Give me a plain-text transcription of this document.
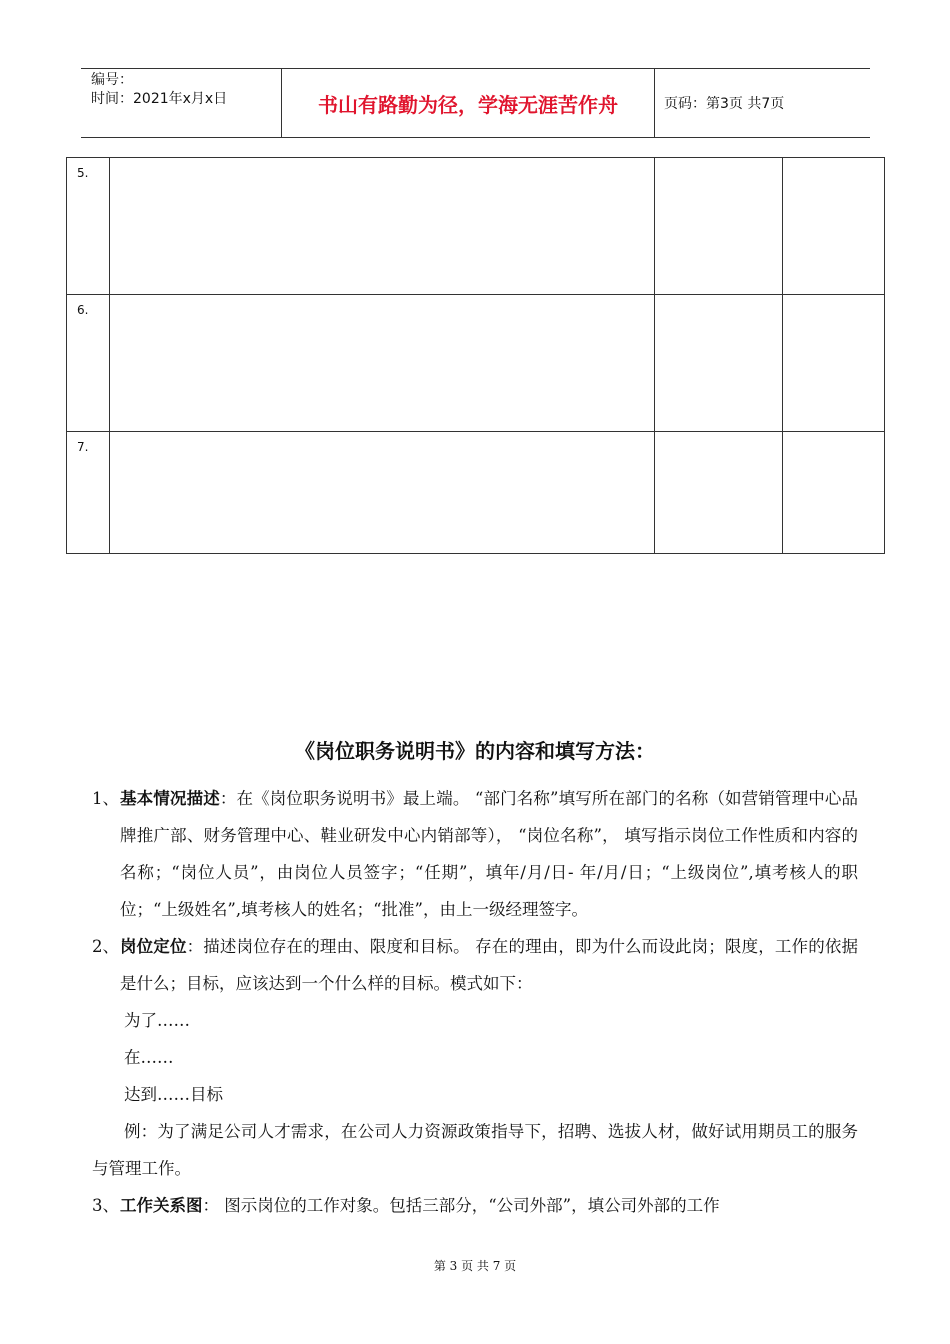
编号：
时间：2021年x月x日	书山有路勤为径，学海无涯苦作舟	页码：第3页 共7页
5.			
6.			
7.			
《岗位职务说明书》的内容和填写方法：
1、 基本情况描述：在《岗位职务说明书》最上端。 “部门名称”填写所在部门的名称（如营销管理中心品牌推广部、财务管理中心、鞋业研发中心内销部等）， “岗位名称”， 填写指示岗位工作性质和内容的名称；“岗位人员”，由岗位人员签字；“任期”，填年/月/日- 年/月/日；“上级岗位”,填考核人的职位；“上级姓名”,填考核人的姓名；“批准”，由上一级经理签字。
2、 岗位定位：描述岗位存在的理由、限度和目标。 存在的理由，即为什么而设此岗；限度，工作的依据是什么；目标，应该达到一个什么样的目标。模式如下：
为了……
在……
达到……目标
例：为了满足公司人才需求，在公司人力资源政策指导下，招聘、选拔人材，做好试用期员工的服务与管理工作。
3、 工作关系图： 图示岗位的工作对象。包括三部分，“公司外部”，填公司外部的工作
第 3 页 共 7 页
